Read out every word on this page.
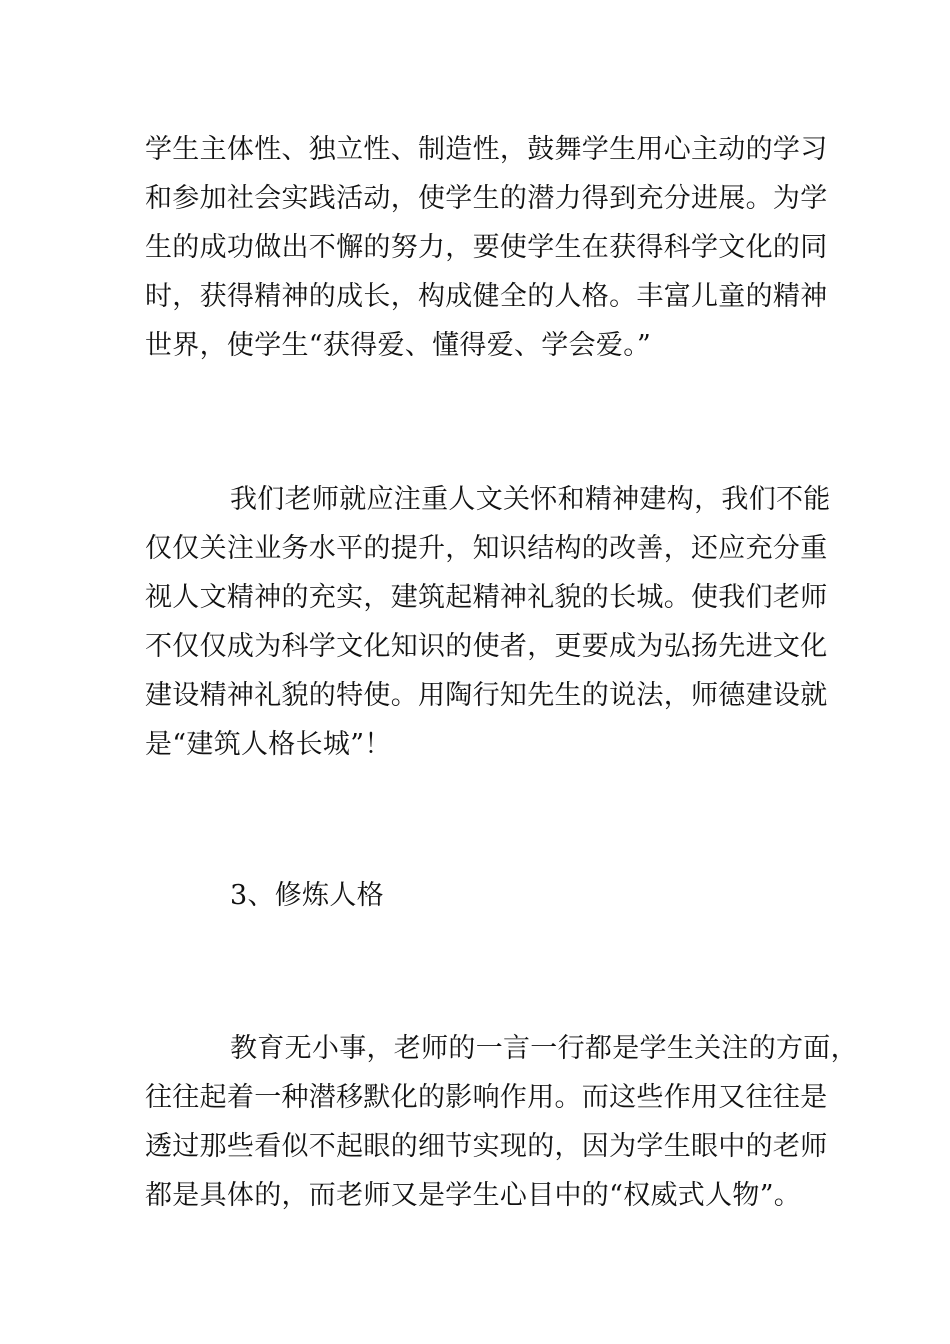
学生主体性、独立性、制造性，鼓舞学生用心主动的学习
和参加社会实践活动，使学生的潜力得到充分进展。为学
生的成功做出不懈的努力，要使学生在获得科学文化的同
时，获得精神的成长，构成健全的人格。丰富儿童的精神
世界，使学生“获得爱、懂得爱、学会爱。”
我们老师就应注重人文关怀和精神建构，我们不能
仅仅关注业务水平的提升，知识结构的改善，还应充分重
视人文精神的充实，建筑起精神礼貌的长城。使我们老师
不仅仅成为科学文化知识的使者，更要成为弘扬先进文化
建设精神礼貌的特使。用陶行知先生的说法，师德建设就
是“建筑人格长城”！
3、修炼人格
教育无小事，老师的一言一行都是学生关注的方面，
往往起着一种潜移默化的影响作用。而这些作用又往往是
透过那些看似不起眼的细节实现的，因为学生眼中的老师
都是具体的，而老师又是学生心目中的“权威式人物”。
